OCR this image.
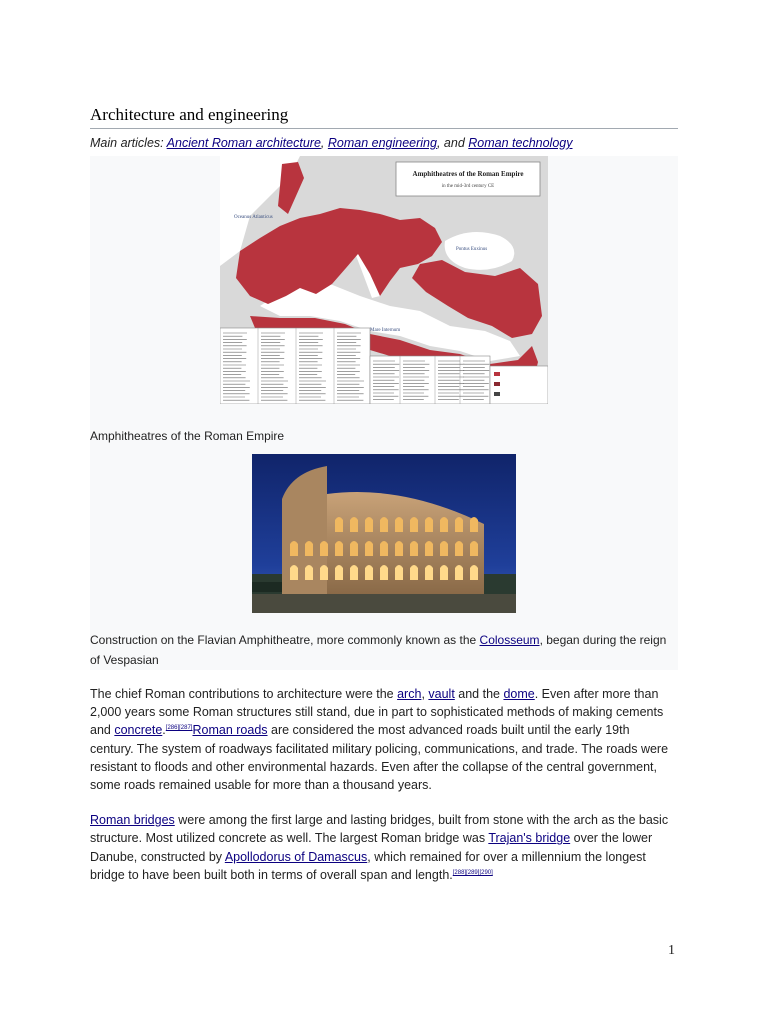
Architecture and engineering

Main articles: Ancient Roman architecture, Roman engineering, and Roman technology

Amphitheatres of the Roman Empire
in the mid-3rd century CE
Oceanus Atlanticus
Pontus Euxinus
Mare Internum
Amphitheatres of the Roman Empire
Construction on the Flavian Amphitheatre, more commonly known as the Colosseum, began during the reign of Vespasian

The chief Roman contributions to architecture were the arch, vault and the dome. Even after more than 2,000 years some Roman structures still stand, due in part to sophisticated methods of making cements and concrete.[286][287]Roman roads are considered the most advanced roads built until the early 19th century. The system of roadways facilitated military policing, communications, and trade. The roads were resistant to floods and other environmental hazards. Even after the collapse of the central government, some roads remained usable for more than a thousand years.

Roman bridges were among the first large and lasting bridges, built from stone with the arch as the basic structure. Most utilized concrete as well. The largest Roman bridge was Trajan's bridge over the lower Danube, constructed by Apollodorus of Damascus, which remained for over a millennium the longest bridge to have been built both in terms of overall span and length.[288][289][290]

1
